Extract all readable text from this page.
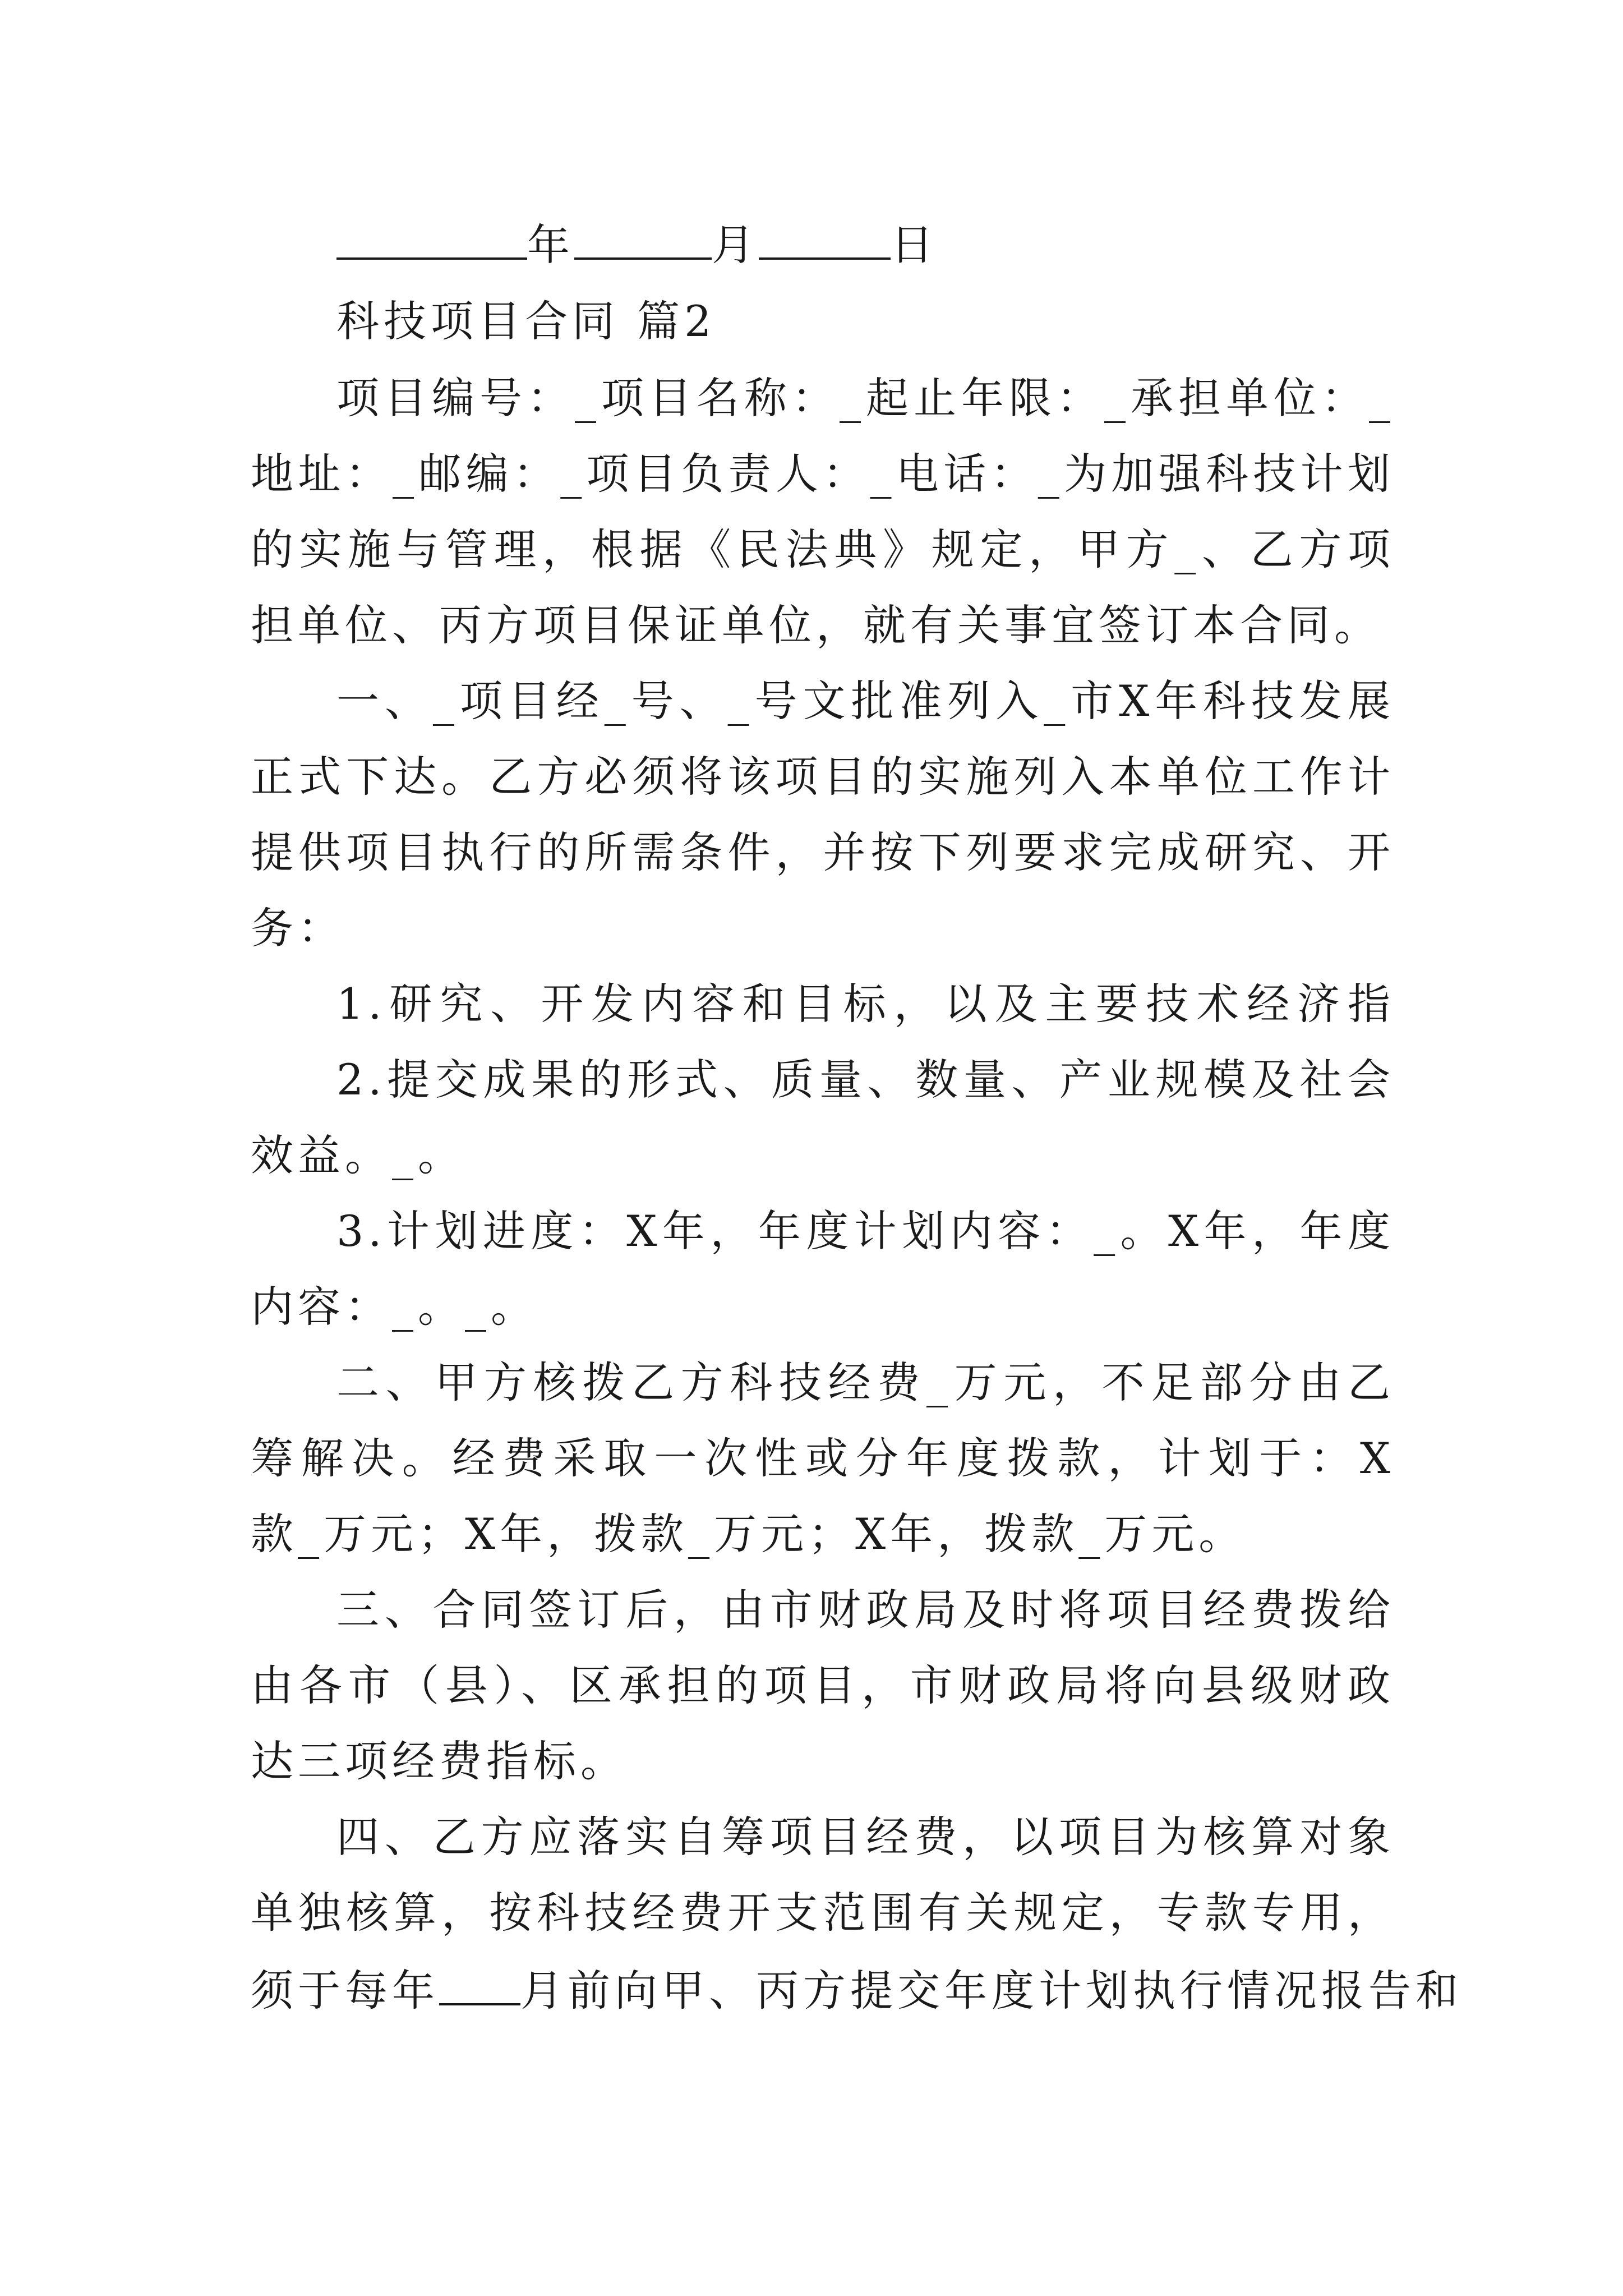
年	月	日
科技项目合同 篇2
项目编号：_项目名称：_起止年限：_承担单位：_
地址：_邮编：_项目负责人：_电话：_为加强科技计划
的实施与管理，根据《民法典》规定，甲方_、乙方项
担单位、丙方项目保证单位，就有关事宜签订本合同。
一、_项目经_号、_号文批准列入_市X年科技发展
正式下达。乙方必须将该项目的实施列入本单位工作计
提供项目执行的所需条件，并按下列要求完成研究、开
务：
1.研究、开发内容和目标，以及主要技术经济指
2.提交成果的形式、质量、数量、产业规模及社会
效益。_。
3.计划进度：X年，年度计划内容：_。X年，年度
内容：_。_。
二、甲方核拨乙方科技经费_万元，不足部分由乙
筹解决。经费采取一次性或分年度拨款，计划于：X
款_万元；X年，拨款_万元；X年，拨款_万元。
三、合同签订后，由市财政局及时将项目经费拨给
由各市（县）、区承担的项目，市财政局将向县级财政
达三项经费指标。
四、乙方应落实自筹项目经费，以项目为核算对象
单独核算，按科技经费开支范围有关规定，专款专用，
须于每年 月前向甲、丙方提交年度计划执行情况报告和
